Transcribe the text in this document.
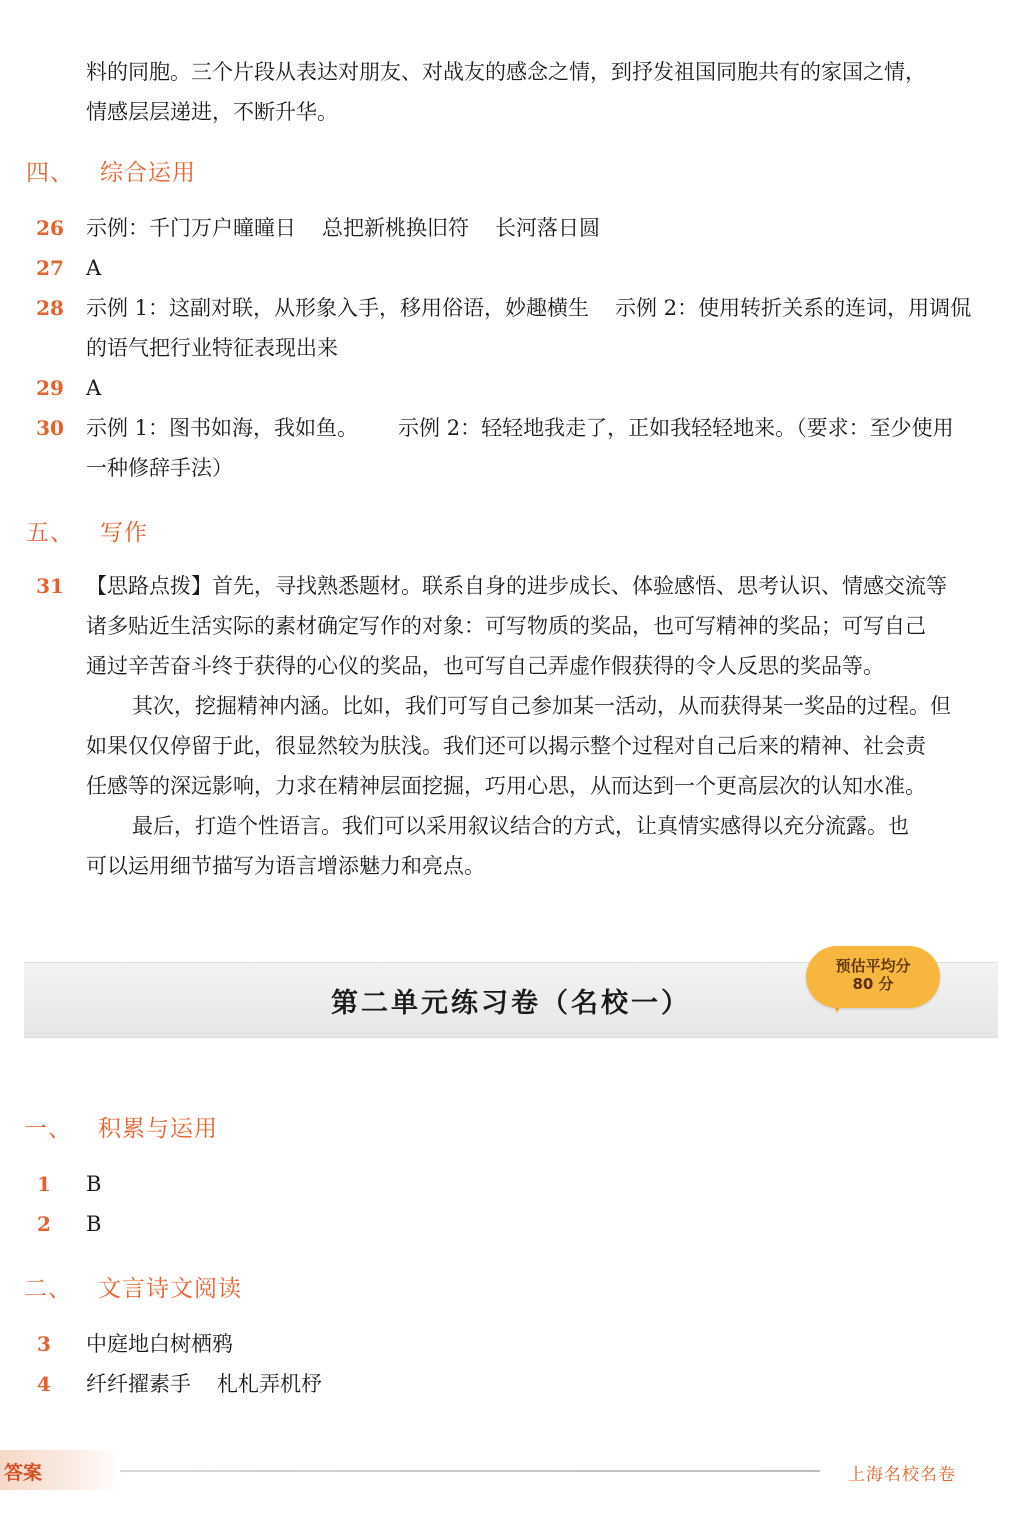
料的同胞。三个片段从表达对朋友、对战友的感念之情，到抒发祖国同胞共有的家国之情，
情感层层递进，不断升华。
四、 综合运用
26	示例：千门万户曈曈日 总把新桃换旧符 长河落日圆
27	A
28	示例 1：这副对联，从形象入手，移用俗语，妙趣横生 示例 2：使用转折关系的连词，用调侃
的语气把行业特征表现出来
29	A
30	示例 1：图书如海，我如鱼。 示例 2：轻轻地我走了，正如我轻轻地来。（要求：至少使用
一种修辞手法）
五、 写作
31	【思路点拨】首先，寻找熟悉题材。联系自身的进步成长、体验感悟、思考认识、情感交流等
诸多贴近生活实际的素材确定写作的对象：可写物质的奖品，也可写精神的奖品；可写自己
通过辛苦奋斗终于获得的心仪的奖品，也可写自己弄虚作假获得的令人反思的奖品等。
其次，挖掘精神内涵。比如，我们可写自己参加某一活动，从而获得某一奖品的过程。但
如果仅仅停留于此，很显然较为肤浅。我们还可以揭示整个过程对自己后来的精神、社会责
任感等的深远影响，力求在精神层面挖掘，巧用心思，从而达到一个更高层次的认知水准。
最后，打造个性语言。我们可以采用叙议结合的方式，让真情实感得以充分流露。也
可以运用细节描写为语言增添魅力和亮点。
第二单元练习卷（名校一）
预估平均分
80 分
一、 积累与运用
1	B
2	B
二、 文言诗文阅读
3	中庭地白树栖鸦
4	纤纤擢素手 札札弄机杼
答案	上海名校名卷
